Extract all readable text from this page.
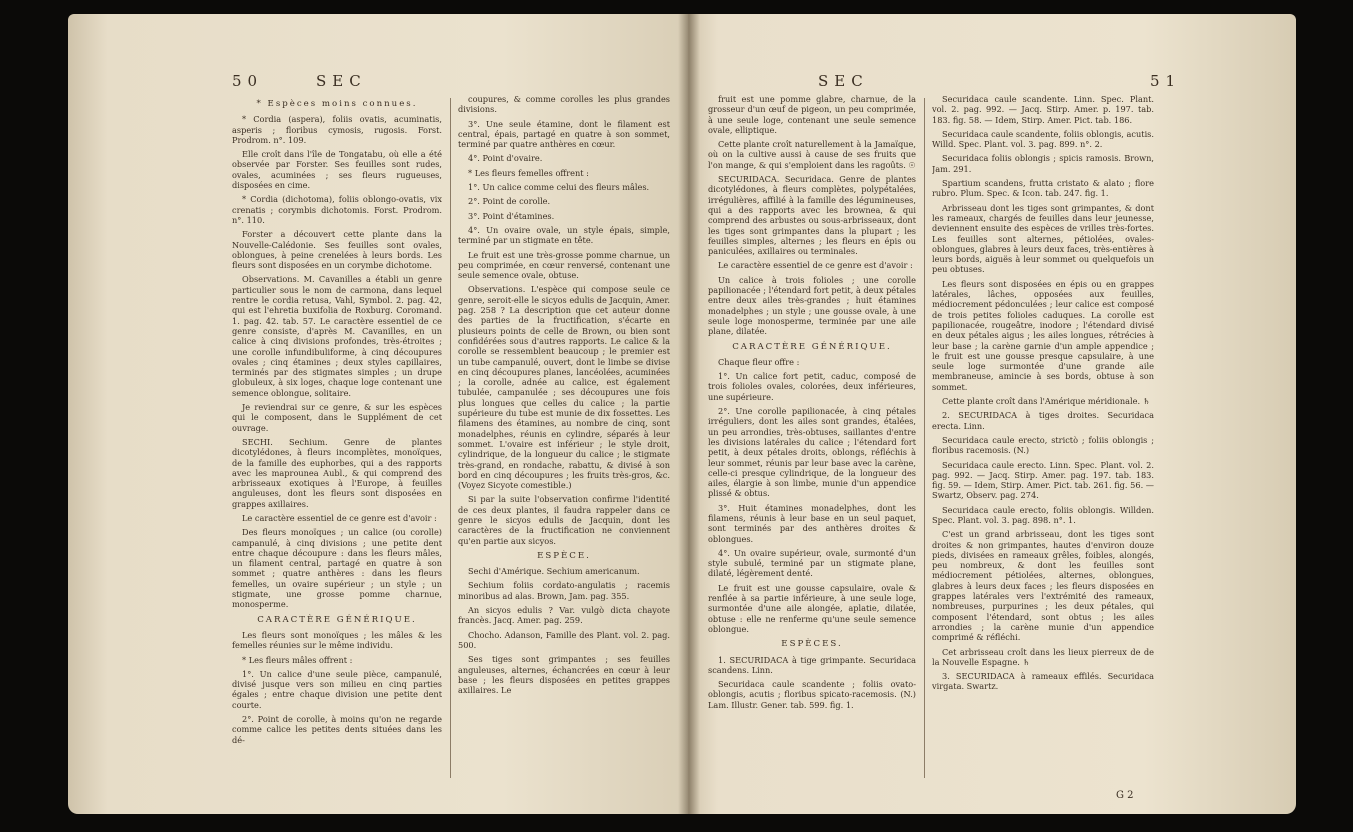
50	SEC

* Espèces moins connues.

* Cordia (aspera), foliis ovatis, acuminatis, asperis ; floribus cymosis, rugosis. Forst. Prodrom. n°. 109.

Elle croît dans l'île de Tongatabu, où elle a été observée par Forster. Ses feuilles sont rudes, ovales, acuminées ; ses fleurs rugueuses, disposées en cime.

* Cordia (dichotoma), foliis oblongo-ovatis, vix crenatis ; corymbis dichotomis. Forst. Prodrom. n°. 110.

Forster a découvert cette plante dans la Nouvelle-Calédonie. Ses feuilles sont ovales, oblongues, à peine crenelées à leurs bords. Les fleurs sont disposées en un corymbe dichotome.

Observations. M. Cavanilles a établi un genre particulier sous le nom de carmona, dans lequel rentre le cordia retusa, Vahl, Symbol. 2. pag. 42, qui est l'ehretia buxifolia de Roxburg. Coromand. 1. pag. 42. tab. 57. Le caractère essentiel de ce genre consiste, d'après M. Cavanilles, en un calice à cinq divisions profondes, très-étroites ; une corolle infundibuliforme, à cinq découpures ovales ; cinq étamines ; deux styles capillaires, terminés par des stigmates simples ; un drupe globuleux, à six loges, chaque loge contenant une semence oblongue, solitaire.

Je reviendrai sur ce genre, & sur les espèces qui le composent, dans le Supplément de cet ouvrage.

SECHI. Sechium. Genre de plantes dicotylédones, à fleurs incomplètes, monoïques, de la famille des euphorbes, qui a des rapports avec les maprounea Aubl., & qui comprend des arbrisseaux exotiques à l'Europe, à feuilles anguleuses, dont les fleurs sont disposées en grappes axillaires.

Le caractère essentiel de ce genre est d'avoir :

Des fleurs monoïques ; un calice (ou corolle) campanulé, à cinq divisions ; une petite dent entre chaque découpure : dans les fleurs mâles, un filament central, partagé en quatre à son sommet ; quatre anthères : dans les fleurs femelles, un ovaire supérieur ; un style ; un stigmate, une grosse pomme charnue, monosperme.

CARACTÈRE GÉNÉRIQUE.

Les fleurs sont monoïques ; les mâles & les femelles réunies sur le même individu.

* Les fleurs mâles offrent :

1°. Un calice d'une seule pièce, campanulé, divisé jusque vers son milieu en cinq parties égales ; entre chaque division une petite dent courte.

2°. Point de corolle, à moins qu'on ne regarde comme calice les petites dents situées dans les dé-

coupures, & comme corolles les plus grandes divisions.

3°. Une seule étamine, dont le filament est central, épais, partagé en quatre à son sommet, terminé par quatre anthères en cœur.

4°. Point d'ovaire.

* Les fleurs femelles offrent :

1°. Un calice comme celui des fleurs mâles.

2°. Point de corolle.

3°. Point d'étamines.

4°. Un ovaire ovale, un style épais, simple, terminé par un stigmate en tête.

Le fruit est une très-grosse pomme charnue, un peu comprimée, en cœur renversé, contenant une seule semence ovale, obtuse.

Observations. L'espèce qui compose seule ce genre, seroit-elle le sicyos edulis de Jacquin, Amer. pag. 258 ? La description que cet auteur donne des parties de la fructification, s'écarte en plusieurs points de celle de Brown, ou bien sont confidérées sous d'autres rapports. Le calice & la corolle se ressemblent beaucoup ; le premier est un tube campanulé, ouvert, dont le limbe se divise en cinq découpures planes, lancéolées, acuminées ; la corolle, adnée au calice, est également tubulée, campanulée ; ses découpures une fois plus longues que celles du calice ; la partie supérieure du tube est munie de dix fossettes. Les filamens des étamines, au nombre de cinq, sont monadelphes, réunis en cylindre, séparés à leur sommet. L'ovaire est inférieur ; le style droit, cylindrique, de la longueur du calice ; le stigmate très-grand, en rondache, rabattu, & divisé à son bord en cinq découpures ; les fruits très-gros, &c. (Voyez Sicyote comestible.)

Si par la suite l'observation confirme l'identité de ces deux plantes, il faudra rappeler dans ce genre le sicyos edulis de Jacquin, dont les caractères de la fructification ne conviennent qu'en partie aux sicyos.

ESPÈCE.

Sechi d'Amérique. Sechium americanum.

Sechium foliis cordato-angulatis ; racemis minoribus ad alas. Brown, Jam. pag. 355.

An sicyos edulis ? Var. vulgò dicta chayote francès. Jacq. Amer. pag. 259.

Chocho. Adanson, Famille des Plant. vol. 2. pag. 500.

Ses tiges sont grimpantes ; ses feuilles anguleuses, alternes, échancrées en cœur à leur base ; les fleurs disposées en petites grappes axillaires. Le

SEC	51

fruit est une pomme glabre, charnue, de la grosseur d'un œuf de pigeon, un peu comprimée, à une seule loge, contenant une seule semence ovale, elliptique.

Cette plante croît naturellement à la Jamaïque, où on la cultive aussi à cause de ses fruits que l'on mange, & qui s'emploient dans les ragoûts. ☉

SECURIDACA. Securidaca. Genre de plantes dicotylédones, à fleurs complètes, polypétalées, irrégulières, affilié à la famille des légumineuses, qui a des rapports avec les brownea, & qui comprend des arbustes ou sous-arbrisseaux, dont les tiges sont grimpantes dans la plupart ; les feuilles simples, alternes ; les fleurs en épis ou paniculées, axillaires ou terminales.

Le caractère essentiel de ce genre est d'avoir :

Un calice à trois folioles ; une corolle papilionacée ; l'étendard fort petit, à deux pétales entre deux ailes très-grandes ; huit étamines monadelphes ; un style ; une gousse ovale, à une seule loge monosperme, terminée par une aile plane, dilatée.

CARACTÈRE GÉNÉRIQUE.

Chaque fleur offre :

1°. Un calice fort petit, caduc, composé de trois folioles ovales, colorées, deux inférieures, une supérieure.

2°. Une corolle papilionacée, à cinq pétales irréguliers, dont les ailes sont grandes, étalées, un peu arrondies, très-obtuses, saillantes d'entre les divisions latérales du calice ; l'étendard fort petit, à deux pétales droits, oblongs, réfléchis à leur sommet, réunis par leur base avec la carène, celle-ci presque cylindrique, de la longueur des ailes, élargie à son limbe, munie d'un appendice plissé & obtus.

3°. Huit étamines monadelphes, dont les filamens, réunis à leur base en un seul paquet, sont terminés par des anthères droites & oblongues.

4°. Un ovaire supérieur, ovale, surmonté d'un style subulé, terminé par un stigmate plane, dilaté, légèrement denté.

Le fruit est une gousse capsulaire, ovale & renflée à sa partie inférieure, à une seule loge, surmontée d'une aile alongée, aplatie, dilatée, obtuse : elle ne renferme qu'une seule semence oblongue.

ESPÈCES.

1. SECURIDACA à tige grimpante. Securidaca scandens. Linn.

Securidaca caule scandente ; foliis ovato-oblongis, acutis ; floribus spicato-racemosis. (N.) Lam. Illustr. Gener. tab. 599. fig. 1.

Securidaca caule scandente. Linn. Spec. Plant. vol. 2. pag. 992. — Jacq. Stirp. Amer. p. 197. tab. 183. fig. 58. — Idem, Stirp. Amer. Pict. tab. 186.

Securidaca caule scandente, foliis oblongis, acutis. Willd. Spec. Plant. vol. 3. pag. 899. n°. 2.

Securidaca foliis oblongis ; spicis ramosis. Brown, Jam. 291.

Spartium scandens, frutta cristato & alato ; flore rubro. Plum. Spec. & Icon. tab. 247. fig. 1.

Arbrisseau dont les tiges sont grimpantes, & dont les rameaux, chargés de feuilles dans leur jeunesse, deviennent ensuite des espèces de vrilles très-fortes. Les feuilles sont alternes, pétiolées, ovales-oblongues, glabres à leurs deux faces, très-entières à leurs bords, aiguës à leur sommet ou quelquefois un peu obtuses.

Les fleurs sont disposées en épis ou en grappes latérales, lâches, opposées aux feuilles, médiocrement pédonculées ; leur calice est composé de trois petites folioles caduques. La corolle est papilionacée, rougeâtre, inodore ; l'étendard divisé en deux pétales aigus ; les ailes longues, rétrécies à leur base ; la carène garnie d'un ample appendice ; le fruit est une gousse presque capsulaire, à une seule loge surmontée d'une grande aile membraneuse, amincie à ses bords, obtuse à son sommet.

Cette plante croît dans l'Amérique méridionale. ♄

2. SECURIDACA à tiges droites. Securidaca erecta. Linn.

Securidaca caule erecto, strictò ; foliis oblongis ; floribus racemosis. (N.)

Securidaca caule erecto. Linn. Spec. Plant. vol. 2. pag. 992. — Jacq. Stirp. Amer. pag. 197. tab. 183. fig. 59. — Idem, Stirp. Amer. Pict. tab. 261. fig. 56. — Swartz, Observ. pag. 274.

Securidaca caule erecto, foliis oblongis. Willden. Spec. Plant. vol. 3. pag. 898. n°. 1.

C'est un grand arbrisseau, dont les tiges sont droites & non grimpantes, hautes d'environ douze pieds, divisées en rameaux grêles, foibles, alongés, peu nombreux, & dont les feuilles sont médiocrement pétiolées, alternes, oblongues, glabres à leurs deux faces ; les fleurs disposées en grappes latérales vers l'extrémité des rameaux, nombreuses, purpurines ; les deux pétales, qui composent l'étendard, sont obtus ; les ailes arrondies ; la carène munie d'un appendice comprimé & réfléchi.

Cet arbrisseau croît dans les lieux pierreux de de la Nouvelle Espagne. ♄

3. SECURIDACA à rameaux effilés. Securidaca virgata. Swartz.

G 2
